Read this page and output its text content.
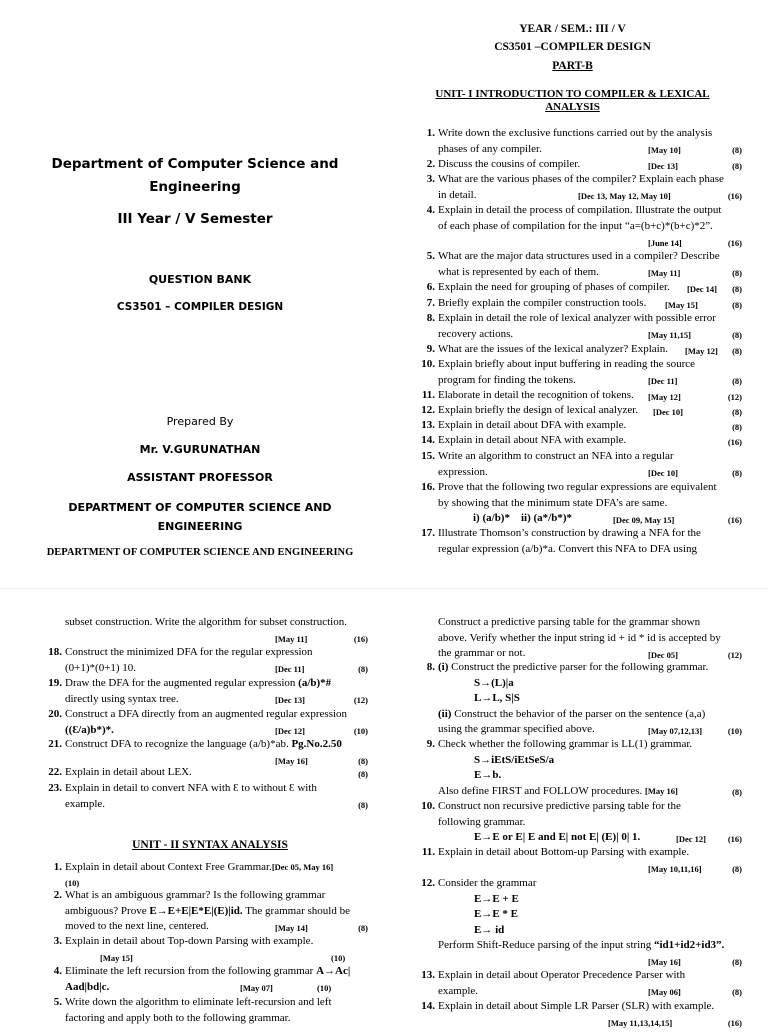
Department of Computer Science and Engineering
III Year / V Semester
QUESTION BANK
CS3501 – COMPILER DESIGN
Prepared By
Mr. V.GURUNATHAN
ASSISTANT PROFESSOR
DEPARTMENT OF COMPUTER SCIENCE AND ENGINEERING
DEPARTMENT OF COMPUTER SCIENCE AND ENGINEERING
YEAR / SEM.: III / V
CS3501 –COMPILER DESIGN
PART-B
UNIT- I INTRODUCTION TO COMPILER & LEXICAL ANALYSIS
1. Write down the exclusive functions carried out by the analysis
phases of any compiler.	[May 10]	(8)
2. Discuss the cousins of compiler.	[Dec 13]	(8)
3. What are the various phases of the compiler? Explain each phase
in detail.	[Dec 13, May 12, May 10]	(16)
4. Explain in detail the process of compilation. Illustrate the output
of each phase of compilation for the input “a=(b+c)*(b+c)*2”.
[June 14]	(16)
5. What are the major data structures used in a compiler? Describe
what is represented by each of them.	[May 11]	(8)
6. Explain the need for grouping of phases of compiler.	[Dec 14] (8)
7. Briefly explain the compiler construction tools.	[May 15]	(8)
8. Explain in detail the role of lexical analyzer with possible error
recovery actions.	[May 11,15]	(8)
9. What are the issues of the lexical analyzer? Explain.	[May 12] (8)
10. Explain briefly about input buffering in reading the source
program for finding the tokens.	[Dec 11]	(8)
11. Elaborate in detail the recognition of tokens.	[May 12]	(12)
12. Explain briefly the design of lexical analyzer.	[Dec 10]	(8)
13. Explain in detail about DFA with example.	(8)
14. Explain in detail about NFA with example.	(16)
15. Write an algorithm to construct an NFA into a regular
expression.	[Dec 10]	(8)
16. Prove that the following two regular expressions are equivalent
by showing that the minimum state DFA’s are same.
i) (a/b)*    ii) (a*/b*)*	[Dec 09, May 15]	(16)
17. Illustrate Thomson’s construction by drawing a NFA for the
regular expression (a/b)*a. Convert this NFA to DFA using
subset construction. Write the algorithm for subset construction.
[May 11]	(16)
18. Construct the minimized DFA for the regular expression
(0+1)*(0+1) 10.	[Dec 11]	(8)
19. Draw the DFA for the augmented regular expression (a/b)*#
directly using syntax tree.	[Dec 13]	(12)
20. Construct a DFA directly from an augmented regular expression
((Ɛ/a)b*)*.	[Dec 12]	(10)
21. Construct DFA to recognize the language (a/b)*ab. Pg.No.2.50
[May 16]	(8)
22. Explain in detail about LEX.	(8)
23. Explain in detail to convert NFA with Ɛ to without Ɛ with
example.	(8)
UNIT - II SYNTAX ANALYSIS
1. Explain in detail about Context Free Grammar.[Dec 05, May 16]
(10)
2. What is an ambiguous grammar? Is the following grammar
ambiguous? Prove E→E+E|E*E|(E)|id. The grammar should be
moved to the next line, centered.	[May 14]	(8)
3. Explain in detail about Top-down Parsing with example.
[May 15]	(10)
4. Eliminate the left recursion from the following grammar A→Ac|
Aad|bd|c.	[May 07]	(10)
5. Write down the algorithm to eliminate left-recursion and left
factoring and apply both to the following grammar.
Construct a predictive parsing table for the grammar shown
above. Verify whether the input string id + id * id is accepted by
the grammar or not.	[Dec 05]	(12)
8. (i) Construct the predictive parser for the following grammar.
S→(L)|a
L→L, S|S
(ii) Construct the behavior of the parser on the sentence (a,a)
using the grammar specified above.	[May 07,12,13]	(10)
9. Check whether the following grammar is LL(1) grammar.
S→iEtS/iEtSeS/a
E→b.
Also define FIRST and FOLLOW procedures. [May 16]	(8)
10. Construct non recursive predictive parsing table for the
following grammar.
E→E or E| E and E| not E| (E)| 0| 1.	[Dec 12]	(16)
11. Explain in detail about Bottom-up Parsing with example.
[May 10,11,16]	(8)
12. Consider the grammar
E→E + E
E→E * E
E→ id
Perform Shift-Reduce parsing of the input string “id1+id2+id3”.
[May 16]	(8)
13. Explain in detail about Operator Precedence Parser with
example.	[May 06]	(8)
14. Explain in detail about Simple LR Parser (SLR) with example.
[May 11,13,14,15]	(16)
